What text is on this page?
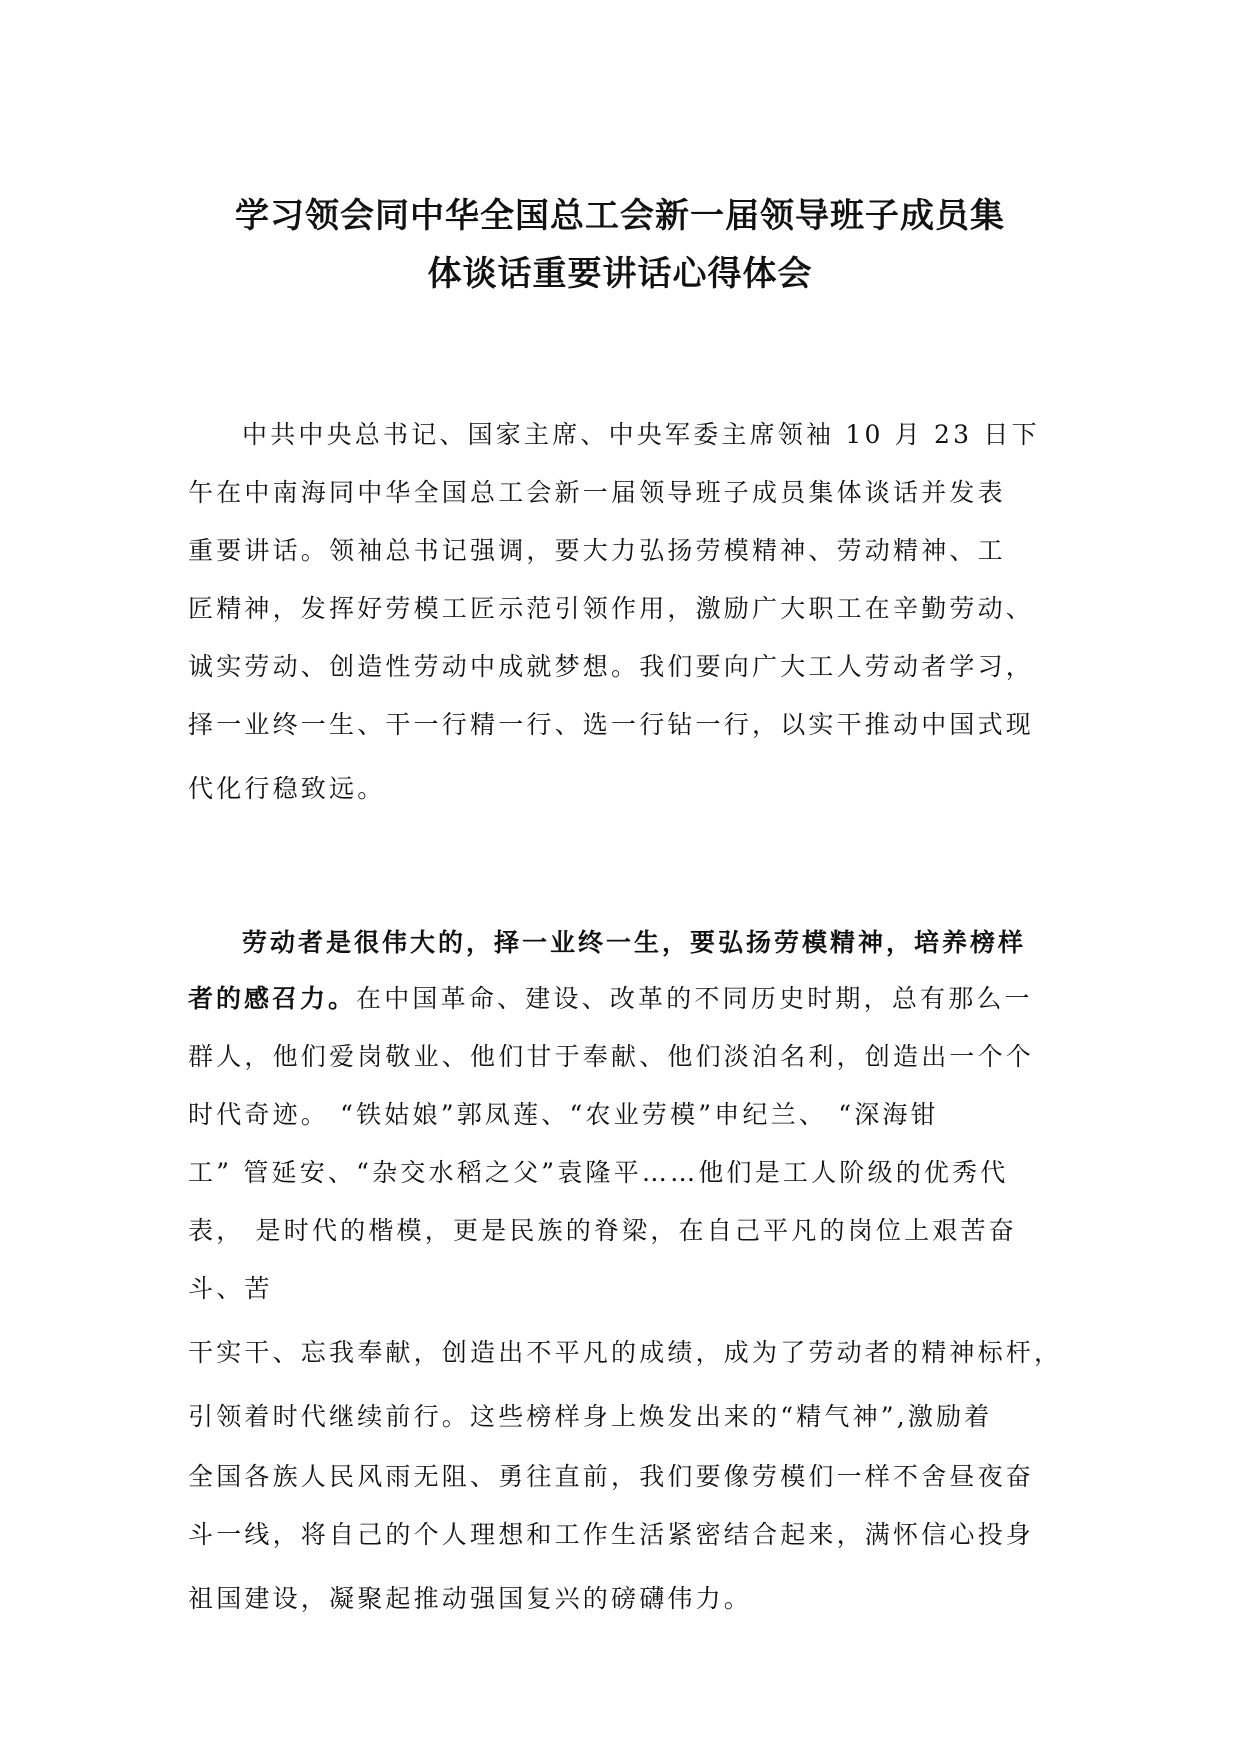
学习领会同中华全国总工会新一届领导班子成员集
体谈话重要讲话心得体会
中共中央总书记、国家主席、中央军委主席领袖 10 月 23 日下
午在中南海同中华全国总工会新一届领导班子成员集体谈话并发表
重要讲话。领袖总书记强调，要大力弘扬劳模精神、劳动精神、工
匠精神，发挥好劳模工匠示范引领作用，激励广大职工在辛勤劳动、
诚实劳动、创造性劳动中成就梦想。我们要向广大工人劳动者学习，
择一业终一生、干一行精一行、选一行钻一行，以实干推动中国式现
代化行稳致远。
劳动者是很伟大的，择一业终一生，要弘扬劳模精神，培养榜样
者的感召力。在中国革命、建设、改革的不同历史时期，总有那么一
群人，他们爱岗敬业、他们甘于奉献、他们淡泊名利，创造出一个个
时代奇迹。 “铁姑娘”郭凤莲、“农业劳模”申纪兰、 “深海钳
工” 管延安、“杂交水稻之父”袁隆平……他们是工人阶级的优秀代
表， 是时代的楷模，更是民族的脊梁，在自己平凡的岗位上艰苦奋
斗、苦
干实干、忘我奉献，创造出不平凡的成绩，成为了劳动者的精神标杆，
引领着时代继续前行。这些榜样身上焕发出来的“精气神”,激励着
全国各族人民风雨无阻、勇往直前，我们要像劳模们一样不舍昼夜奋
斗一线，将自己的个人理想和工作生活紧密结合起来，满怀信心投身
祖国建设，凝聚起推动强国复兴的磅礴伟力。
